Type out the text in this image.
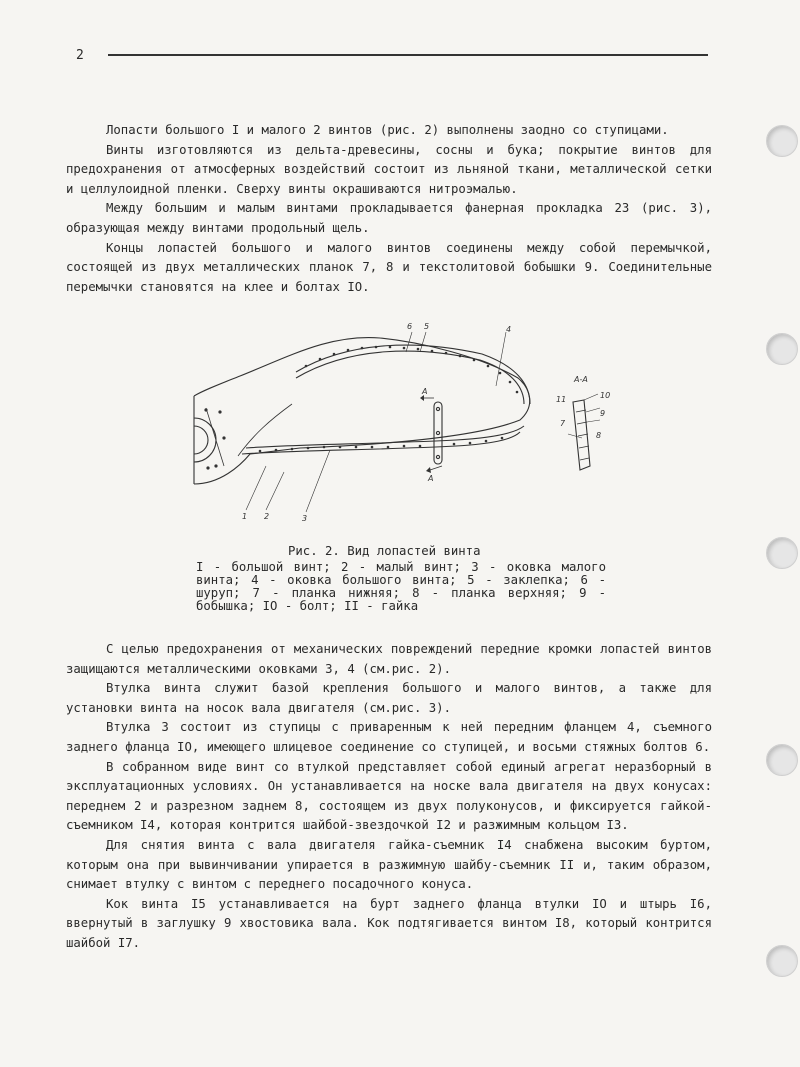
2

Лопасти большого I и малого 2 винтов (рис. 2) выполнены заодно со ступицами.

Винты изготовляются из дельта-древесины, сосны и бука; покрытие винтов для предохранения от атмосферных воздействий состоит из льняной ткани, металлической сетки и целлулоидной пленки. Сверху винты окрашиваются нитроэмалью.

Между большим и малым винтами прокладывается фанерная прокладка 23 (рис. 3), образующая между винтами продольный щель.

Концы лопастей большого и малого винтов соединены между собой перемычкой, состоящей из двух металлических планок 7, 8 и текстолитовой бобышки 9. Соединительные перемычки становятся на клее и болтах IO.

6 5	4
А
А
1 2	3
А-А
11	10
9
7
8

Рис. 2. Вид лопастей винта

I - большой винт; 2 - малый винт; 3 - оковка малого винта; 4 - оковка большого винта; 5 - заклепка; 6 - шуруп; 7 - планка нижняя; 8 - планка верхняя; 9 - бобышка; IO - болт; II - гайка

С целью предохранения от механических повреждений передние кромки лопастей винтов защищаются металлическими оковками 3, 4 (см.рис. 2).

Втулка винта служит базой крепления большого и малого винтов, а также для установки винта на носок вала двигателя (см.рис. 3).

Втулка 3 состоит из ступицы с приваренным к ней передним фланцем 4, съемного заднего фланца IO, имеющего шлицевое соединение со ступицей, и восьми стяжных болтов 6.

В собранном виде винт со втулкой представляет собой единый агрегат неразборный в эксплуатационных условиях. Он устанавливается на носке вала двигателя на двух конусах: переднем 2 и разрезном заднем 8, состоящем из двух полуконусов, и фиксируется гайкой-съемником I4, которая контрится шайбой-звездочкой I2 и разжимным кольцом I3.

Для снятия винта с вала двигателя гайка-съемник I4 снабжена высоким буртом, которым она при вывинчивании упирается в разжимную шайбу-съемник II и, таким образом, снимает втулку с винтом с переднего посадочного конуса.

Кок винта I5 устанавливается на бурт заднего фланца втулки IO и штырь I6, ввернутый в заглушку 9 хвостовика вала. Кок подтягивается винтом I8, который контрится шайбой I7.
